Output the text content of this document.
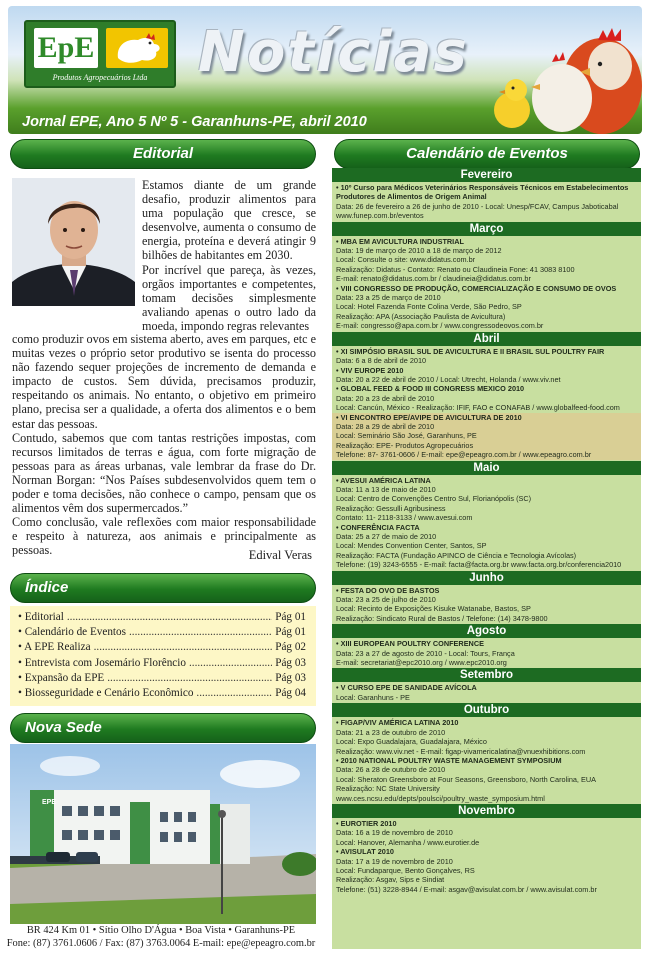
EpE
Produtos Agropecuários Ltda Notícias
Jornal EPE, Ano 5 Nº 5 - Garanhuns-PE, abril 2010
Editorial

Estamos diante de um grande desafio, produzir alimentos para uma população que cresce, se desenvolve, aumenta o consumo de energia, proteína e deverá atingir 9 bilhões de habitantes em 2030.

Por incrível que pareça, às vezes, orgãos importantes e competentes, tomam decisões simplesmente avaliando apenas o outro lado da moeda, impondo regras relevantes

como produzir ovos em sistema aberto, aves em parques, etc e muitas vezes o próprio setor produtivo se isenta do processo não fazendo sequer projeções de incremento de demanda e impacto de custos. Sem dúvida, precisamos produzir, respeitando os animais. No entanto, o objetivo em primeiro plano, precisa ser a qualidade, a oferta dos alimentos e o bem estar das pessoas.

Contudo, sabemos que com tantas restrições impostas, com recursos limitados de terras e água, com forte migração de pessoas para as áreas urbanas, vale lembrar da frase do Dr. Norman Borgan: “Nos Países subdesenvolvidos quem tem o poder e toma decisões, não conhece o campo, pensam que os alimentos vêm dos supermercados.”

Como conclusão, vale reflexões com maior responsabilidade e respeito à natureza, aos animais e principalmente as pessoas.	Edival Veras
Índice
• Editorial .....	Pág 01
• Calendário de Eventos .....	Pág 01
• A EPE Realiza .....	Pág 02
• Entrevista com Josemário Florêncio .....	Pág 03
• Expansão da EPE .....	Pág 03
• Biosseguridade e Cenário Econômico .....	Pág 04
Nova Sede
EPE
BR 424 Km 01 • Sítio Olho D'Água • Boa Vista • Garanhuns-PE
Fone: (87) 3761.0606 / Fax: (87) 3763.0064 E-mail: epe@epeagro.com.br
Calendário de Eventos
Fevereiro
• 10º Curso para Médicos Veterinários Responsáveis Técnicos em Estabelecimentos Produtores de Alimentos de Origem Animal
Data: 26 de fevereiro a 26 de junho de 2010 - Local: Unesp/FCAV, Campus Jaboticabal
www.funep.com.br/eventos
Março
• MBA EM AVICULTURA INDUSTRIAL
Data: 19 de março de 2010 a 18 de março de 2012
Local: Consulte o site: www.didatus.com.br
Realização: Didatus - Contato: Renato ou Claudineia Fone: 41 3083 8100
E-mail: renato@didatus.com.br / claudineia@didatus.com.br
• VIII CONGRESSO DE PRODUÇÃO, COMERCIALIZAÇÃO E CONSUMO DE OVOS
Data: 23 a 25 de março de 2010
Local: Hotel Fazenda Fonte Colina Verde, São Pedro, SP
Realização: APA (Associação Paulista de Avicultura)
E-mail: congresso@apa.com.br / www.congressodeovos.com.br
Abril
• XI SIMPÓSIO BRASIL SUL DE AVICULTURA E II BRASIL SUL POULTRY FAIR
Data: 6 a 8 de abril de 2010
• VIV EUROPE 2010
Data: 20 a 22 de abril de 2010 / Local: Utrecht, Holanda / www.viv.net
• GLOBAL FEED & FOOD III CONGRESS MEXICO 2010
Data: 20 a 23 de abril de 2010
Local: Cancún, México - Realização: IFIF, FAO e CONAFAB / www.globalfeed-food.com
• VI ENCONTRO EPE/AVIPE DE AVICULTURA DE 2010
Data: 28 a 29 de abril de 2010
Local: Seminário São José, Garanhuns, PE
Realização: EPE- Produtos Agropecuários
Telefone: 87- 3761-0606 / E-mail: epe@epeagro.com.br / www.epeagro.com.br
Maio
• AVESUI AMÉRICA LATINA
Data: 11 a 13 de maio de 2010
Local: Centro de Convenções Centro Sul, Florianópolis (SC)
Realização: Gessulli Agribusiness
Contato: 11- 2118-3133 / www.avesui.com
• CONFERÊNCIA FACTA
Data: 25 a 27 de maio de 2010
Local: Mendes Convention Center, Santos, SP
Realização: FACTA (Fundação APINCO de Ciência e Tecnologia Avícolas)
Telefone: (19) 3243-6555 - E-mail: facta@facta.org.br www.facta.org.br/conferencia2010
Junho
• FESTA DO OVO DE BASTOS
Data: 23 a 25 de julho de 2010
Local: Recinto de Exposições Kisuke Watanabe, Bastos, SP
Realização: Sindicato Rural de Bastos / Telefone: (14) 3478-9800
Agosto
• XIII EUROPEAN POULTRY CONFERENCE
Data: 23 a 27 de agosto de 2010 - Local: Tours, França
E-mail: secretariat@epc2010.org / www.epc2010.org
Setembro
• V CURSO EPE DE SANIDADE AVÍCOLA
Local: Garanhuns - PE
Outubro
• FIGAP/VIV AMÉRICA LATINA 2010
Data: 21 a 23 de outubro de 2010
Local: Expo Guadalajara, Guadalajara, México
Realização: www.viv.net - E-mail: figap-vivamericalatina@vnuexhibitions.com
• 2010 NATIONAL POULTRY WASTE MANAGEMENT SYMPOSIUM
Data: 26 a 28 de outubro de 2010
Local: Sheraton Greensboro at Four Seasons, Greensboro, North Carolina, EUA
Realização: NC State University
www.ces.ncsu.edu/depts/poulsci/poultry_waste_symposium.html
Novembro
• EUROTIER 2010
Data: 16 a 19 de novembro de 2010
Local: Hanover, Alemanha / www.eurotier.de
• AVISULAT 2010
Data: 17 a 19 de novembro de 2010
Local: Fundaparque, Bento Gonçalves, RS
Realização: Asgav, Sips e Sindiat
Telefone: (51) 3228-8944 / E-mail: asgav@avisulat.com.br / www.avisulat.com.br
